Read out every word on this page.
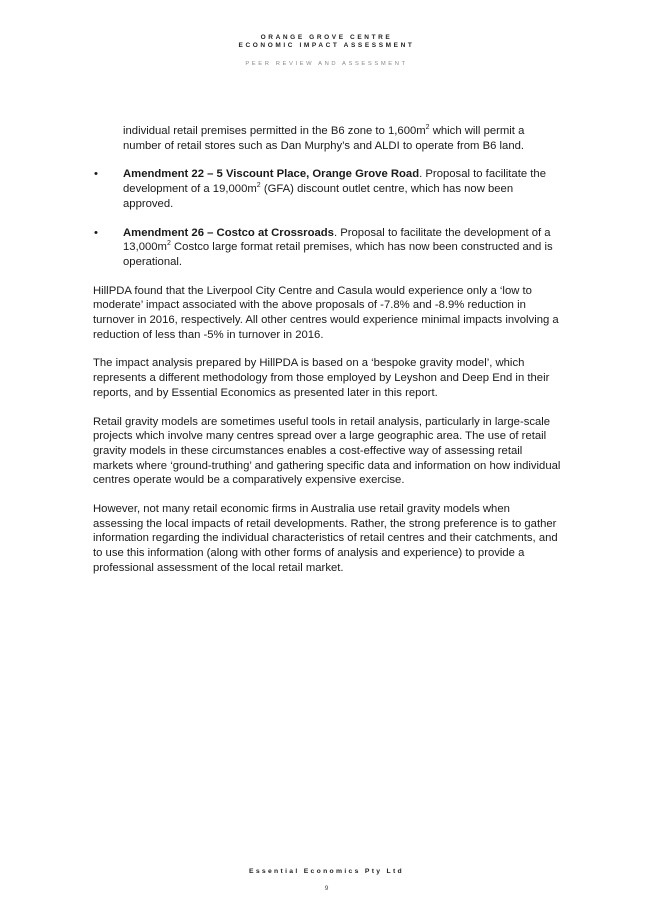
ORANGE GROVE CENTRE
ECONOMIC IMPACT ASSESSMENT
PEER REVIEW AND ASSESSMENT
individual retail premises permitted in the B6 zone to $1,600m^2$ which will permit a number of retail stores such as Dan Murphy’s and ALDI to operate from B6 land.
• Amendment 22 – 5 Viscount Place, Orange Grove Road. Proposal to facilitate the development of a $19,000m^2$ (GFA) discount outlet centre, which has now been approved.
• Amendment 26 – Costco at Crossroads. Proposal to facilitate the development of a $13,000m^2$ Costco large format retail premises, which has now been constructed and is operational.

HillPDA found that the Liverpool City Centre and Casula would experience only a ‘low to moderate’ impact associated with the above proposals of -7.8% and -8.9% reduction in turnover in 2016, respectively. All other centres would experience minimal impacts involving a reduction of less than -5% in turnover in 2016.

The impact analysis prepared by HillPDA is based on a ‘bespoke gravity model’, which represents a different methodology from those employed by Leyshon and Deep End in their reports, and by Essential Economics as presented later in this report.

Retail gravity models are sometimes useful tools in retail analysis, particularly in large-scale projects which involve many centres spread over a large geographic area. The use of retail gravity models in these circumstances enables a cost-effective way of assessing retail markets where ‘ground-truthing’ and gathering specific data and information on how individual centres operate would be a comparatively expensive exercise.

However, not many retail economic firms in Australia use retail gravity models when assessing the local impacts of retail developments. Rather, the strong preference is to gather information regarding the individual characteristics of retail centres and their catchments, and to use this information (along with other forms of analysis and experience) to provide a professional assessment of the local retail market.

Essential Economics Pty Ltd
9
